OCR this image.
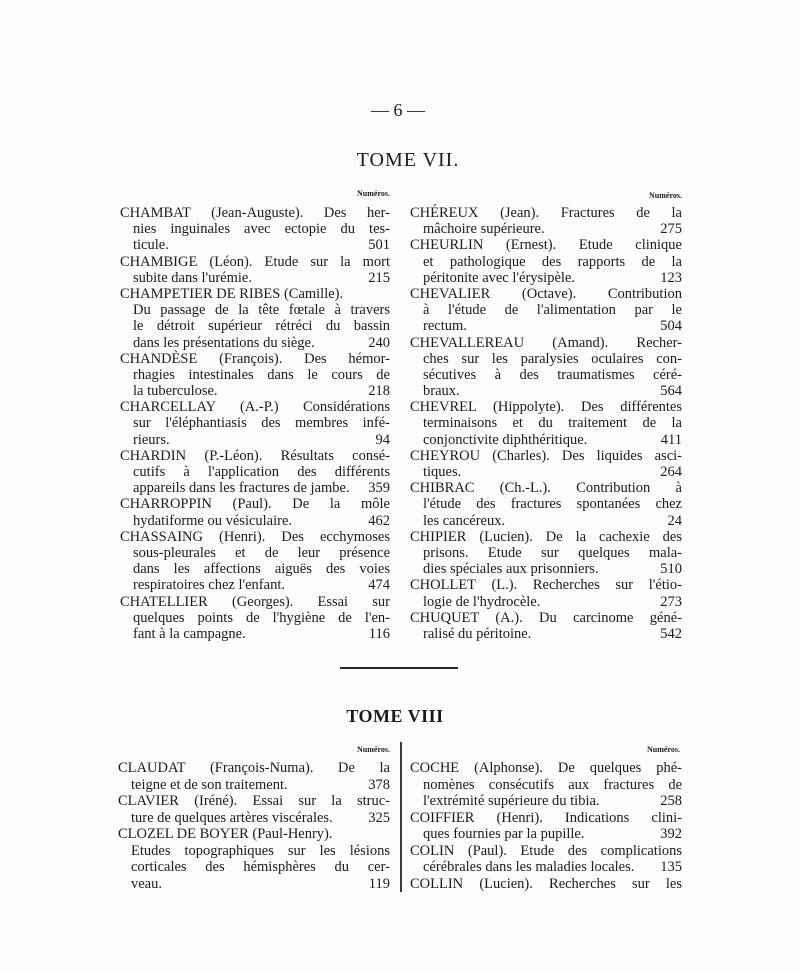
— 6 —
TOME VII.
Numéros.	Numéros.
CHAMBAT (Jean-Auguste). Des her-
nies inguinales avec ectopie du tes-
ticule.	501
CHAMBIGE (Léon). Etude sur la mort
subite dans l'urémie.	215
CHAMPETIER DE RIBES (Camille).
Du passage de la tête fœtale à travers
le détroit supérieur rétréci du bassin
dans les présentations du siège.	240
CHANDÈSE (François). Des hémor-
rhagies intestinales dans le cours de
la tuberculose.	218
CHARCELLAY (A.-P.) Considérations
sur l'éléphantiasis des membres infé-
rieurs.	94
CHARDIN (P.-Léon). Résultats consé-
cutifs à l'application des différents
appareils dans les fractures de jambe.	359
CHARROPPIN (Paul). De la môle
hydatiforme ou vésiculaire.	462
CHASSAING (Henri). Des ecchymoses
sous-pleurales et de leur présence
dans les affections aiguës des voies
respiratoires chez l'enfant.	474
CHATELLIER (Georges). Essai sur
quelques points de l'hygiène de l'en-
fant à la campagne.	116
CHÉREUX (Jean). Fractures de la
mâchoire supérieure.	275
CHEURLIN (Ernest). Etude clinique
et pathologique des rapports de la
péritonite avec l'érysipèle.	123
CHEVALIER (Octave). Contribution
à l'étude de l'alimentation par le
rectum.	504
CHEVALLEREAU (Amand). Recher-
ches sur les paralysies oculaires con-
sécutives à des traumatismes céré-
braux.	564
CHEVREL (Hippolyte). Des différentes
terminaisons et du traitement de la
conjonctivite diphthéritique.	411
CHEYROU (Charles). Des liquides asci-
tiques.	264
CHIBRAC (Ch.-L.). Contribution à
l'étude des fractures spontanées chez
les cancéreux.	24
CHIPIER (Lucien). De la cachexie des
prisons. Etude sur quelques mala-
dies spéciales aux prisonniers.	510
CHOLLET (L.). Recherches sur l'étio-
logie de l'hydrocèle.	273
CHUQUET (A.). Du carcinome géné-
ralisé du péritoine.	542
TOME VIII
Numéros.	Numéros.
CLAUDAT (François-Numa). De la
teigne et de son traitement.	378
CLAVIER (Iréné). Essai sur la struc-
ture de quelques artères viscérales.	325
CLOZEL DE BOYER (Paul-Henry).
Etudes topographiques sur les lésions
corticales des hémisphères du cer-
veau.	119
COCHE (Alphonse). De quelques phé-
nomènes consécutifs aux fractures de
l'extrémité supérieure du tibia.	258
COIFFIER (Henri). Indications clini-
ques fournies par la pupille.	392
COLIN (Paul). Etude des complications
cérébrales dans les maladies locales.	135
COLLIN (Lucien). Recherches sur les
